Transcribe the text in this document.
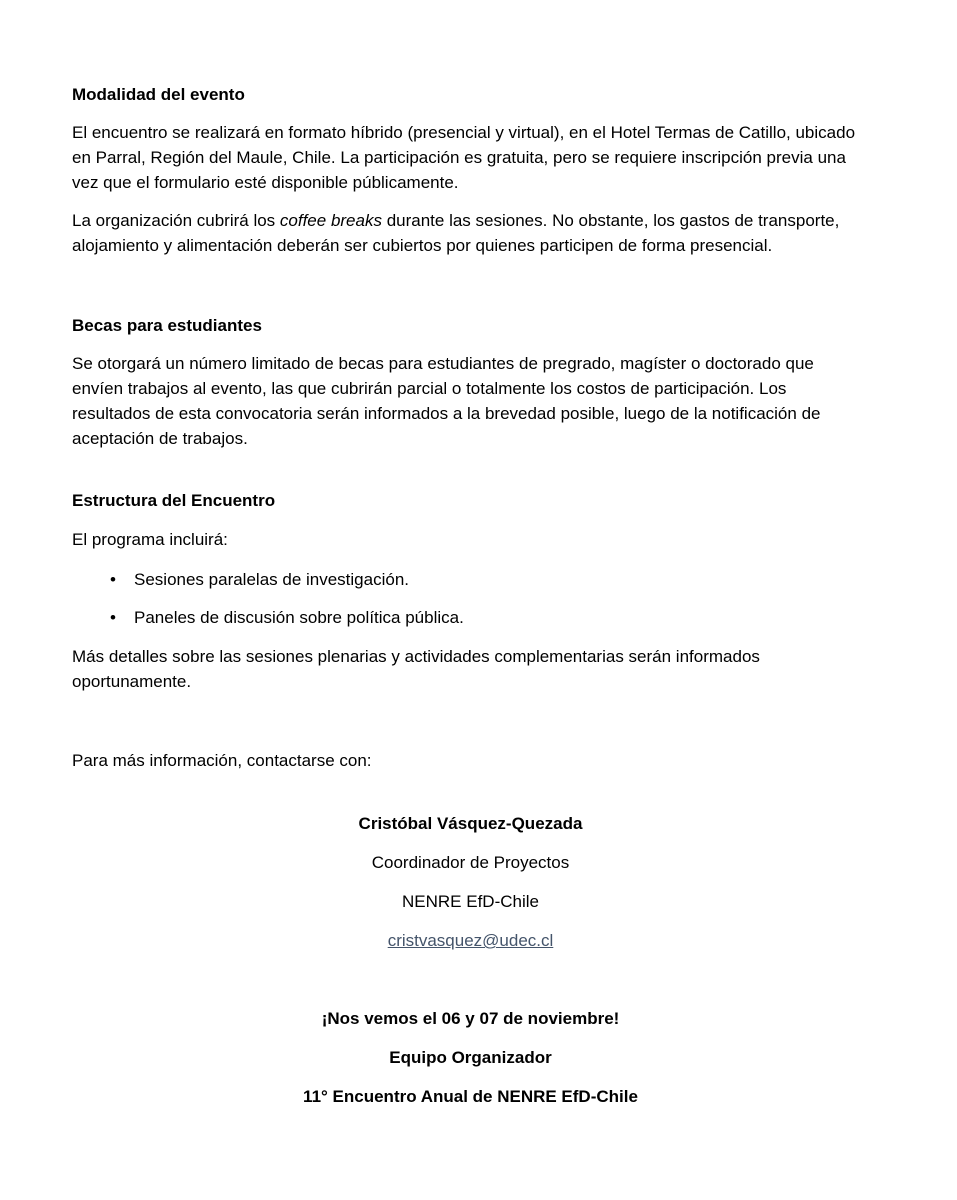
Modalidad del evento

El encuentro se realizará en formato híbrido (presencial y virtual), en el Hotel Termas de Catillo, ubicado en Parral, Región del Maule, Chile. La participación es gratuita, pero se requiere inscripción previa una vez que el formulario esté disponible públicamente.

La organización cubrirá los coffee breaks durante las sesiones. No obstante, los gastos de transporte, alojamiento y alimentación deberán ser cubiertos por quienes participen de forma presencial.

Becas para estudiantes

Se otorgará un número limitado de becas para estudiantes de pregrado, magíster o doctorado que envíen trabajos al evento, las que cubrirán parcial o totalmente los costos de participación. Los resultados de esta convocatoria serán informados a la brevedad posible, luego de la notificación de aceptación de trabajos.

Estructura del Encuentro

El programa incluirá:

•	Sesiones paralelas de investigación.
•	Paneles de discusión sobre política pública.

Más detalles sobre las sesiones plenarias y actividades complementarias serán informados oportunamente.

Para más información, contactarse con:

Cristóbal Vásquez-Quezada
Coordinador de Proyectos
NENRE EfD-Chile
cristvasquez@udec.cl
¡Nos vemos el 06 y 07 de noviembre!
Equipo Organizador
11° Encuentro Anual de NENRE EfD-Chile
